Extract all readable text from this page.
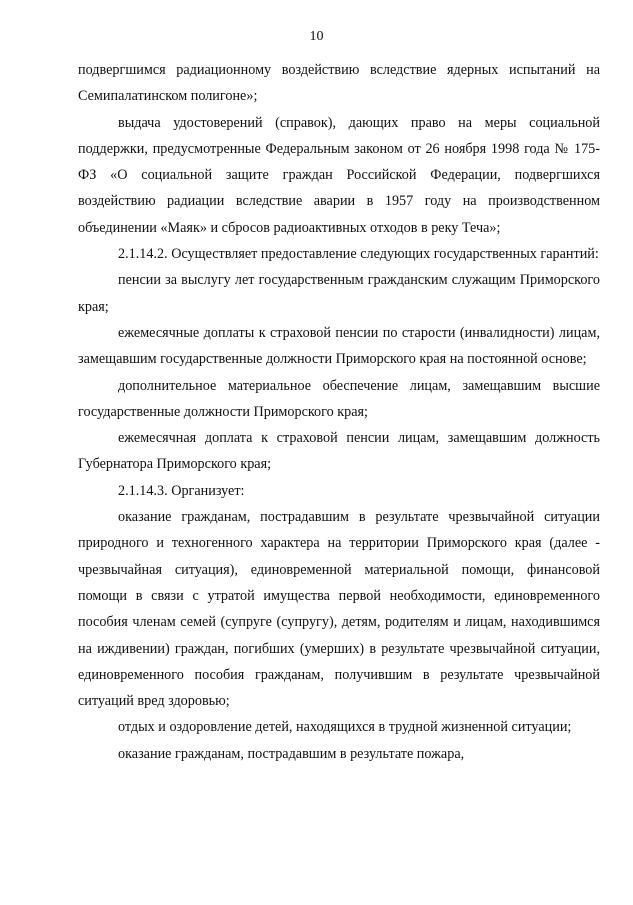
10

подвергшимся радиационному воздействию вследствие ядерных испытаний на Семипалатинском полигоне»;

выдача удостоверений (справок), дающих право на меры социальной поддержки, предусмотренные Федеральным законом от 26 ноября 1998 года № 175-ФЗ «О социальной защите граждан Российской Федерации, подвергшихся воздействию радиации вследствие аварии в 1957 году на производственном объединении «Маяк» и сбросов радиоактивных отходов в реку Теча»;

2.1.14.2. Осуществляет предоставление следующих государственных гарантий:

пенсии за выслугу лет государственным гражданским служащим Приморского края;

ежемесячные доплаты к страховой пенсии по старости (инвалидности) лицам, замещавшим государственные должности Приморского края на постоянной основе;

дополнительное материальное обеспечение лицам, замещавшим высшие государственные должности Приморского края;

ежемесячная доплата к страховой пенсии лицам, замещавшим должность Губернатора Приморского края;

2.1.14.3. Организует:

оказание гражданам, пострадавшим в результате чрезвычайной ситуации природного и техногенного характера на территории Приморского края (далее - чрезвычайная ситуация), единовременной материальной помощи, финансовой помощи в связи с утратой имущества первой необходимости, единовременного пособия членам семей (супруге (супругу), детям, родителям и лицам, находившимся на иждивении) граждан, погибших (умерших) в результате чрезвычайной ситуации, единовременного пособия гражданам, получившим в результате чрезвычайной ситуаций вред здоровью;

отдых и оздоровление детей, находящихся в трудной жизненной ситуации;

оказание гражданам, пострадавшим в результате пожара,
